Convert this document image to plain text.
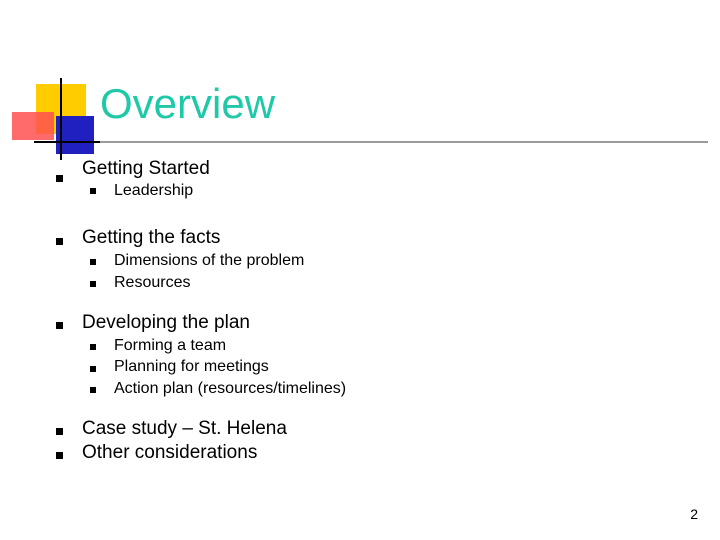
Overview
Getting Started
Leadership
Getting the facts
Dimensions of the problem
Resources
Developing the plan
Forming a team
Planning for meetings
Action plan (resources/timelines)
Case study – St. Helena
Other considerations
2
